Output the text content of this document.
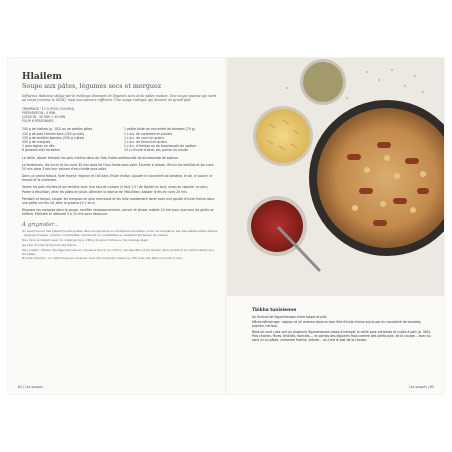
Hlailem
Soupe aux pâtes, légumes secs et merguez
Influence italienne oblige par le mélange étonnant de légumes secs et de pâtes maison. Une soupe épaisse qui tient au corps (comme le HLM), mais aux saveurs raffinées. Une soupe rustique qui devient un grand plat.
TREMPAGE : 12 H (POIS CHICHES)
PRÉPARATION : 5 MIN
CUISSON : 30 MIN + 30 MIN
POUR 6 PERSONNES
200 g de hlailem (p. 102) ou de petites pâtes
120 g de pois chiches secs (250 g cuits)
120 g de lentilles blondes (250 g cuites)
300 g de merguez
1 gros oignon en dés
6 gousses d'ail écrasées
1 petite boîte de concentré de tomates (70 g)
1 c.à.s. de coriandre en poudre
1 c.à.c. de carvi en grains
1 c.à.c. de fenouil en grains
1 c.à.c. d'harissa ou de bicarbonate de sodium
15 cl d'huile d'olive, sel, poivre du moulin

La veille, laisser tremper les pois chiches dans de l'eau froide additionnée de bicarbonate de sodium.

Le lendemain, les rincer et les cuire 30 min dans de l'eau froide sans saler. Écumer si besoin. Rincer les lentilles et les cuire 20 min dans 3 fois leur volume d'eau froide sans saler.

Dans un grand faitout, faire revenir l'oignon et l'ail dans l'huile d'olive. Ajouter le concentré de tomates, le sel, le poivre, le fenouil et la coriandre.

Verser les pois chiches et les lentilles avec leur eau de cuisson (il faut 1,5 l de liquide en tout, sinon en rajouter un peu). Porter à ébullition, jeter les pâtes en pluie. Attendre la reprise de l'ébullition, baisser le feu et cuire 20 min.

Pendant ce temps, couper les merguez en gros morceaux et les faire rapidement dorer avec une goutte d'huile d'olive dans une poêle sur feu vif. Jeter la graisse s'il y en a.

Disposer les merguez dans la soupe, rectifier l'assaisonnement, couvrir et laisser mijoter 10 min pour que tous les goûts se mêlent. Éteindre et attendre 5 à 10 min sans découvrir.

À grignoter...

On peut trouver des hlailem toutes prêtes dans les épiceries ou boutiques orientales, sinon les remplacer par des petites pâtes sèches : langues d'oiseau, plombs, coquillettes, macaronis ou coquillettes en adaptant les temps de cuisson.

Pour faire le hlailem avec du mélange de p. 200 g de pois chiches ou de mélange légal :

les pois chiches et les haricots blancs.

Plus rapide : Utiliser des légumes secs en conserve (bocal ou carton), les égoutter et les ajouter dans le faitout en même temps que les pâtes.

D'autre manière : on cette soupe en soulever avec des merguez maison (p. 99) avec des blancs brunes (cuits).

64 | Les soupes
Tbikha tunisienne

Un festival de légumineuses entre soupe et plat.

Même démarrage : oignon et ail revenus dans un bon filet d'huile d'olive suivis par du concentré de tomates, paprika, harissa.

Base où sont cuits une ou plusieurs légumineuses mises à tremper la veille pour certaines et cuites à part (p. 360). Pois chiches, fèves, lentilles, haricots..., et parfois des légumes frais comme des petits pois, de la courge... avec ou sans riz ou pâtes, coriandre fraîche, viande... ou c'est le plat de la chorba.

Les soupes | 65
